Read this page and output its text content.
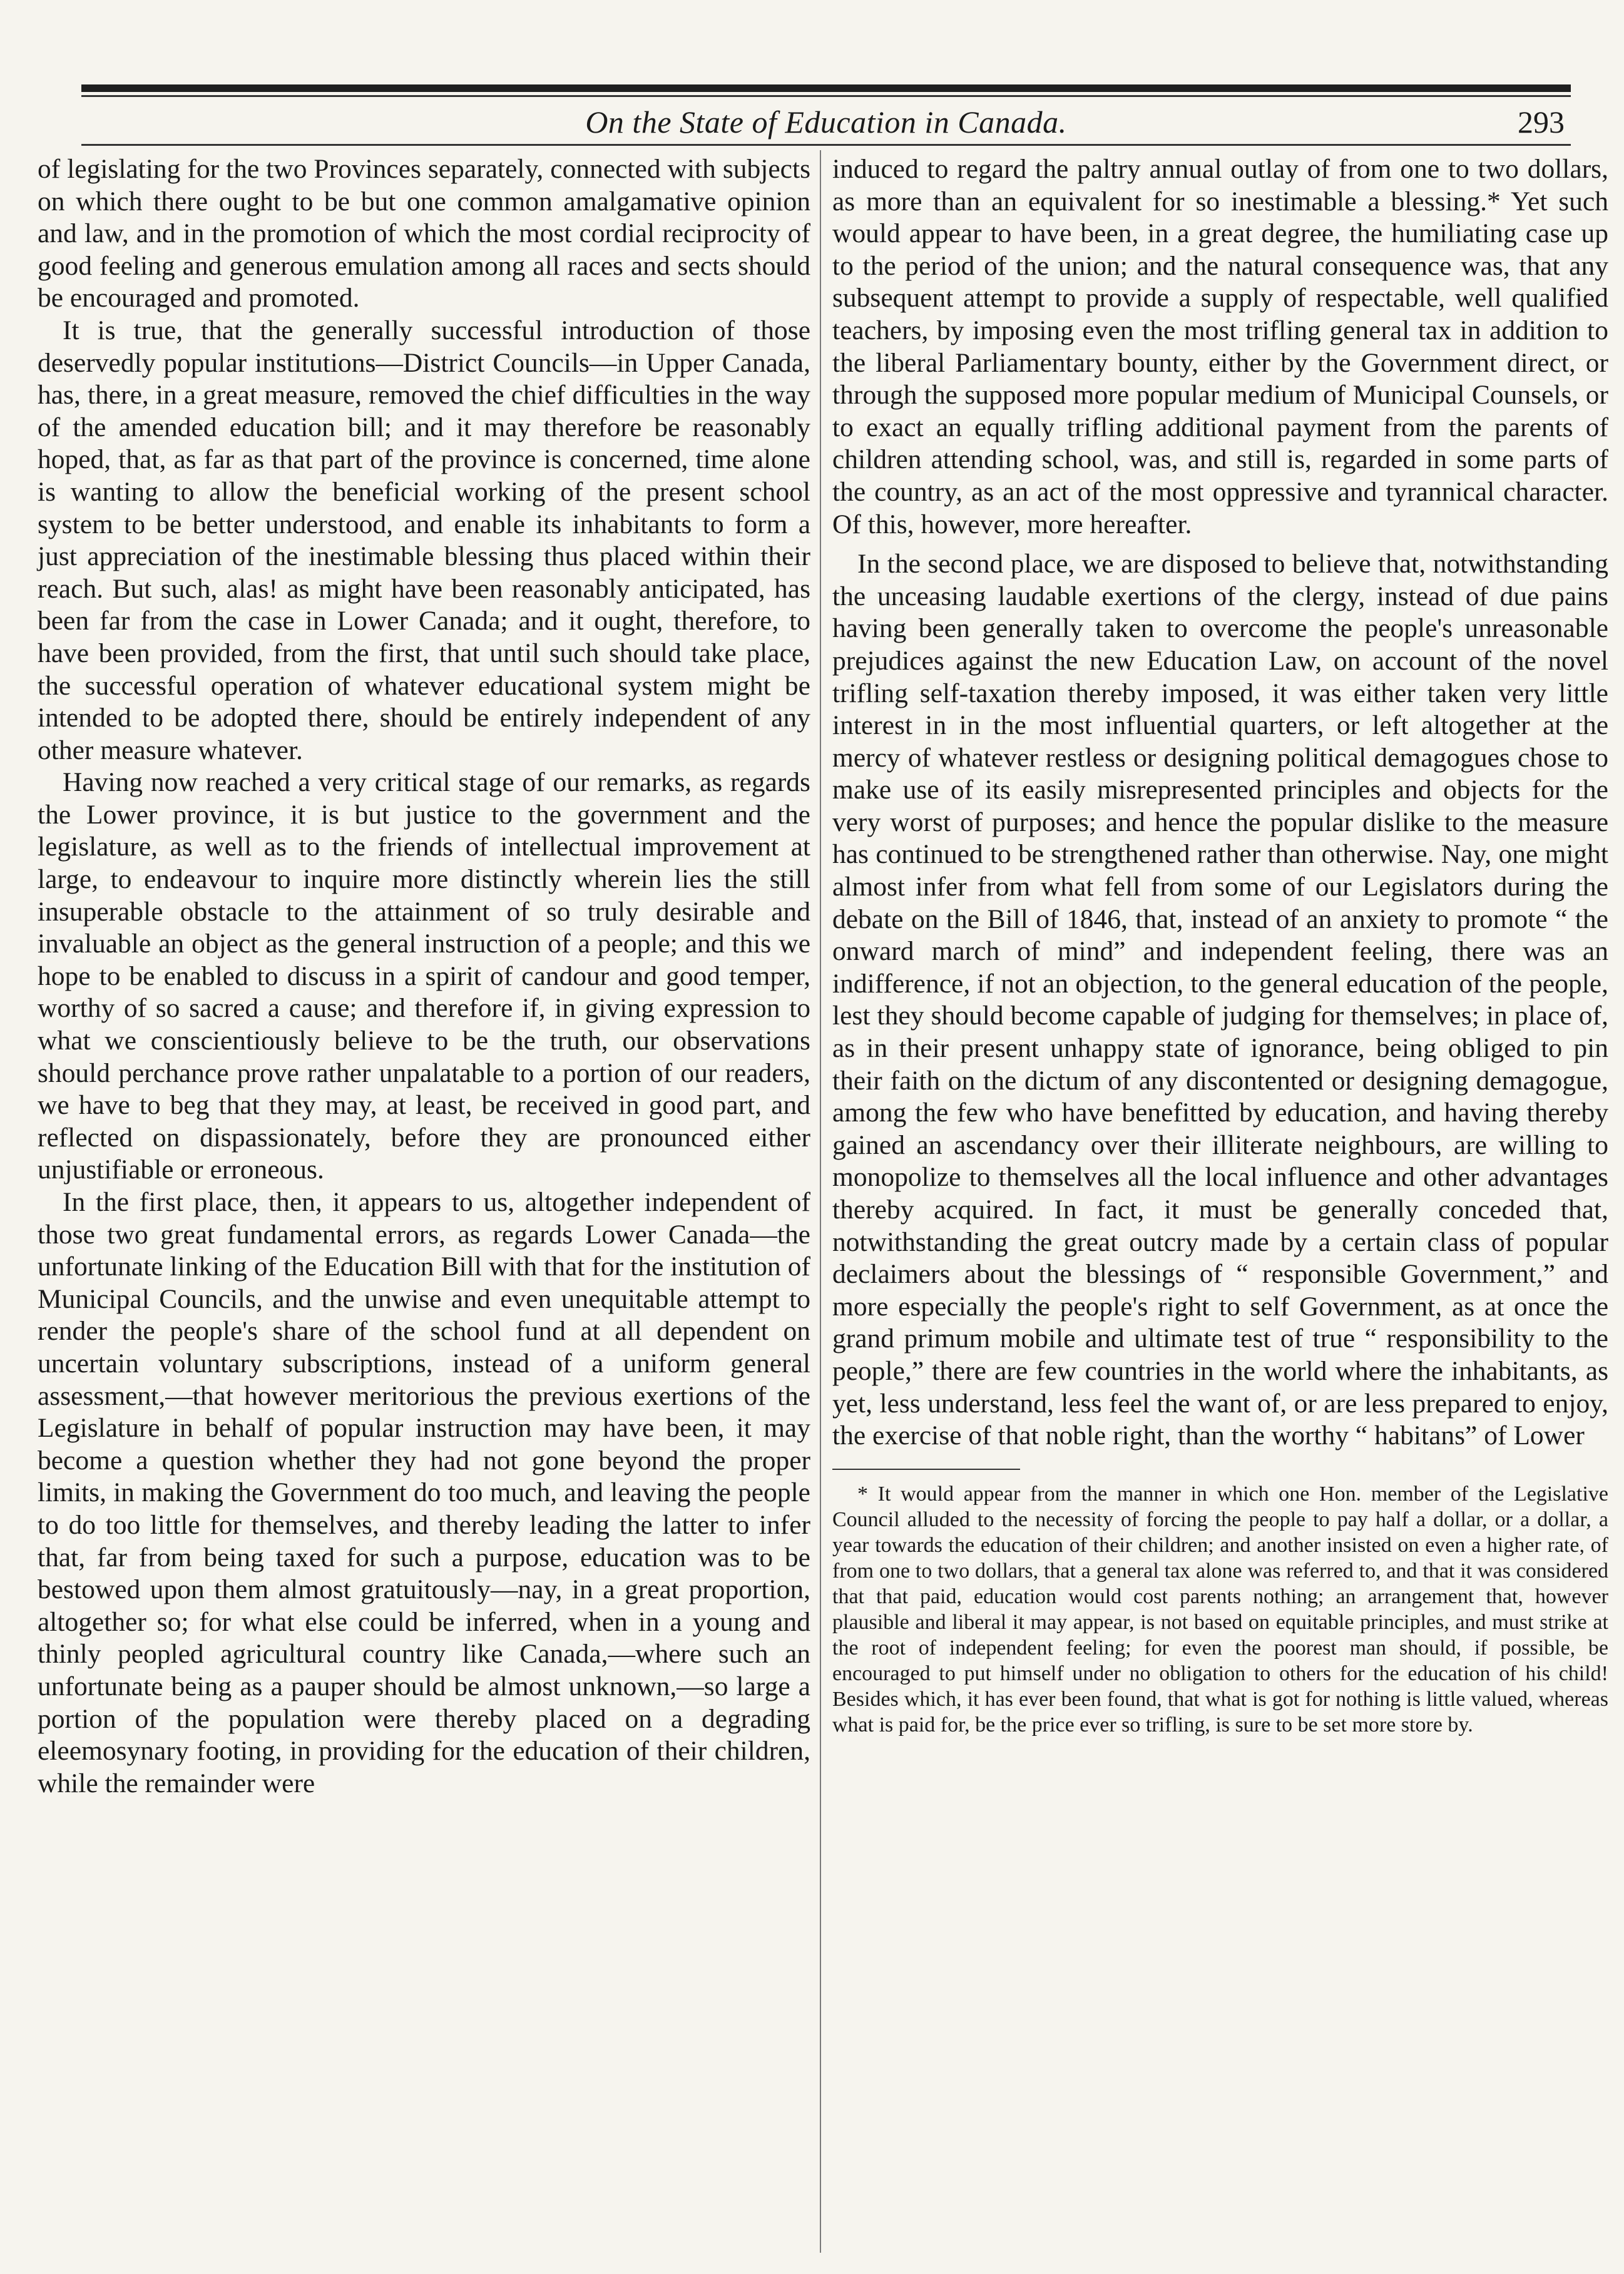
On the State of Education in Canada.	293

of legislating for the two Provinces separately, connected with subjects on which there ought to be but one common amalgamative opinion and law, and in the promotion of which the most cordial reciprocity of good feeling and generous emulation among all races and sects should be encouraged and promoted.

It is true, that the generally successful introduction of those deservedly popular institutions—District Councils—in Upper Canada, has, there, in a great measure, removed the chief difficulties in the way of the amended education bill; and it may therefore be reasonably hoped, that, as far as that part of the province is concerned, time alone is wanting to allow the beneficial working of the present school system to be better understood, and enable its inhabitants to form a just appreciation of the inestimable blessing thus placed within their reach. But such, alas! as might have been reasonably anticipated, has been far from the case in Lower Canada; and it ought, therefore, to have been provided, from the first, that until such should take place, the successful operation of whatever educational system might be intended to be adopted there, should be entirely independent of any other measure whatever.

Having now reached a very critical stage of our remarks, as regards the Lower province, it is but justice to the government and the legislature, as well as to the friends of intellectual improvement at large, to endeavour to inquire more distinctly wherein lies the still insuperable obstacle to the attainment of so truly desirable and invaluable an object as the general instruction of a people; and this we hope to be enabled to discuss in a spirit of candour and good temper, worthy of so sacred a cause; and therefore if, in giving expression to what we conscientiously believe to be the truth, our observations should perchance prove rather unpalatable to a portion of our readers, we have to beg that they may, at least, be received in good part, and reflected on dispassionately, before they are pronounced either unjustifiable or erroneous.

In the first place, then, it appears to us, altogether independent of those two great fundamental errors, as regards Lower Canada—the unfortunate linking of the Education Bill with that for the institution of Municipal Councils, and the unwise and even unequitable attempt to render the people's share of the school fund at all dependent on uncertain voluntary subscriptions, instead of a uniform general assessment,—that however meritorious the previous exertions of the Legislature in behalf of popular instruction may have been, it may become a question whether they had not gone beyond the proper limits, in making the Government do too much, and leaving the people to do too little for themselves, and thereby leading the latter to infer that, far from being taxed for such a purpose, education was to be bestowed upon them almost gratuitously—nay, in a great proportion, altogether so; for what else could be inferred, when in a young and thinly peopled agricultural country like Canada,—where such an unfortunate being as a pauper should be almost unknown,—so large a portion of the population were thereby placed on a degrading eleemosynary footing, in providing for the education of their children, while the remainder were

induced to regard the paltry annual outlay of from one to two dollars, as more than an equivalent for so inestimable a blessing.* Yet such would appear to have been, in a great degree, the humiliating case up to the period of the union; and the natural consequence was, that any subsequent attempt to provide a supply of respectable, well qualified teachers, by imposing even the most trifling general tax in addition to the liberal Parliamentary bounty, either by the Government direct, or through the supposed more popular medium of Municipal Counsels, or to exact an equally trifling additional payment from the parents of children attending school, was, and still is, regarded in some parts of the country, as an act of the most oppressive and tyrannical character. Of this, however, more hereafter.

In the second place, we are disposed to believe that, notwithstanding the unceasing laudable exertions of the clergy, instead of due pains having been generally taken to overcome the people's unreasonable prejudices against the new Education Law, on account of the novel trifling self-taxation thereby imposed, it was either taken very little interest in in the most influential quarters, or left altogether at the mercy of whatever restless or designing political demagogues chose to make use of its easily misrepresented principles and objects for the very worst of purposes; and hence the popular dislike to the measure has continued to be strengthened rather than otherwise. Nay, one might almost infer from what fell from some of our Legislators during the debate on the Bill of 1846, that, instead of an anxiety to promote “ the onward march of mind” and independent feeling, there was an indifference, if not an objection, to the general education of the people, lest they should become capable of judging for themselves; in place of, as in their present unhappy state of ignorance, being obliged to pin their faith on the dictum of any discontented or designing demagogue, among the few who have benefitted by education, and having thereby gained an ascendancy over their illiterate neighbours, are willing to monopolize to themselves all the local influence and other advantages thereby acquired. In fact, it must be generally conceded that, notwithstanding the great outcry made by a certain class of popular declaimers about the blessings of “ responsible Government,” and more especially the people's right to self Government, as at once the grand primum mobile and ultimate test of true “ responsibility to the people,” there are few countries in the world where the inhabitants, as yet, less understand, less feel the want of, or are less prepared to enjoy, the exercise of that noble right, than the worthy “ habitans” of Lower

* It would appear from the manner in which one Hon. member of the Legislative Council alluded to the necessity of forcing the people to pay half a dollar, or a dollar, a year towards the education of their children; and another insisted on even a higher rate, of from one to two dollars, that a general tax alone was referred to, and that it was considered that that paid, education would cost parents nothing; an arrangement that, however plausible and liberal it may appear, is not based on equitable principles, and must strike at the root of independent feeling; for even the poorest man should, if possible, be encouraged to put himself under no obligation to others for the education of his child! Besides which, it has ever been found, that what is got for nothing is little valued, whereas what is paid for, be the price ever so trifling, is sure to be set more store by.
